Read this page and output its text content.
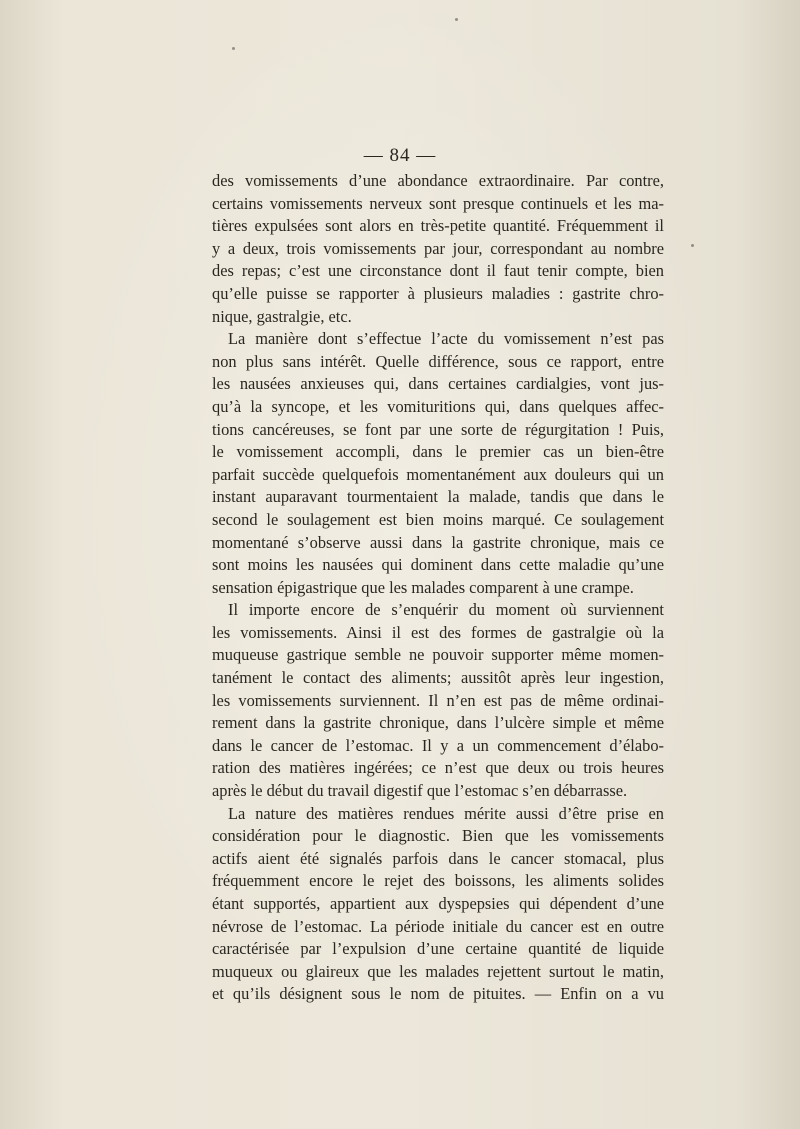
— 84 —
des vomissements d’une abondance extraordinaire. Par contre,
certains vomissements nerveux sont presque continuels et les ma-
tières expulsées sont alors en très-petite quantité. Fréquemment il
y a deux, trois vomissements par jour, correspondant au nombre
des repas; c’est une circonstance dont il faut tenir compte, bien
qu’elle puisse se rapporter à plusieurs maladies : gastrite chro-
nique, gastralgie, etc.
La manière dont s’effectue l’acte du vomissement n’est pas
non plus sans intérêt. Quelle différence, sous ce rapport, entre
les nausées anxieuses qui, dans certaines cardialgies, vont jus-
qu’à la syncope, et les vomituritions qui, dans quelques affec-
tions cancéreuses, se font par une sorte de régurgitation ! Puis,
le vomissement accompli, dans le premier cas un bien-être
parfait succède quelquefois momentanément aux douleurs qui un
instant auparavant tourmentaient la malade, tandis que dans le
second le soulagement est bien moins marqué. Ce soulagement
momentané s’observe aussi dans la gastrite chronique, mais ce
sont moins les nausées qui dominent dans cette maladie qu’une
sensation épigastrique que les malades comparent à une crampe.
Il importe encore de s’enquérir du moment où surviennent
les vomissements. Ainsi il est des formes de gastralgie où la
muqueuse gastrique semble ne pouvoir supporter même momen-
tanément le contact des aliments; aussitôt après leur ingestion,
les vomissements surviennent. Il n’en est pas de même ordinai-
rement dans la gastrite chronique, dans l’ulcère simple et même
dans le cancer de l’estomac. Il y a un commencement d’élabo-
ration des matières ingérées; ce n’est que deux ou trois heures
après le début du travail digestif que l’estomac s’en débarrasse.
La nature des matières rendues mérite aussi d’être prise en
considération pour le diagnostic. Bien que les vomissements
actifs aient été signalés parfois dans le cancer stomacal, plus
fréquemment encore le rejet des boissons, les aliments solides
étant supportés, appartient aux dyspepsies qui dépendent d’une
névrose de l’estomac. La période initiale du cancer est en outre
caractérisée par l’expulsion d’une certaine quantité de liquide
muqueux ou glaireux que les malades rejettent surtout le matin,
et qu’ils désignent sous le nom de pituites. — Enfin on a vu
